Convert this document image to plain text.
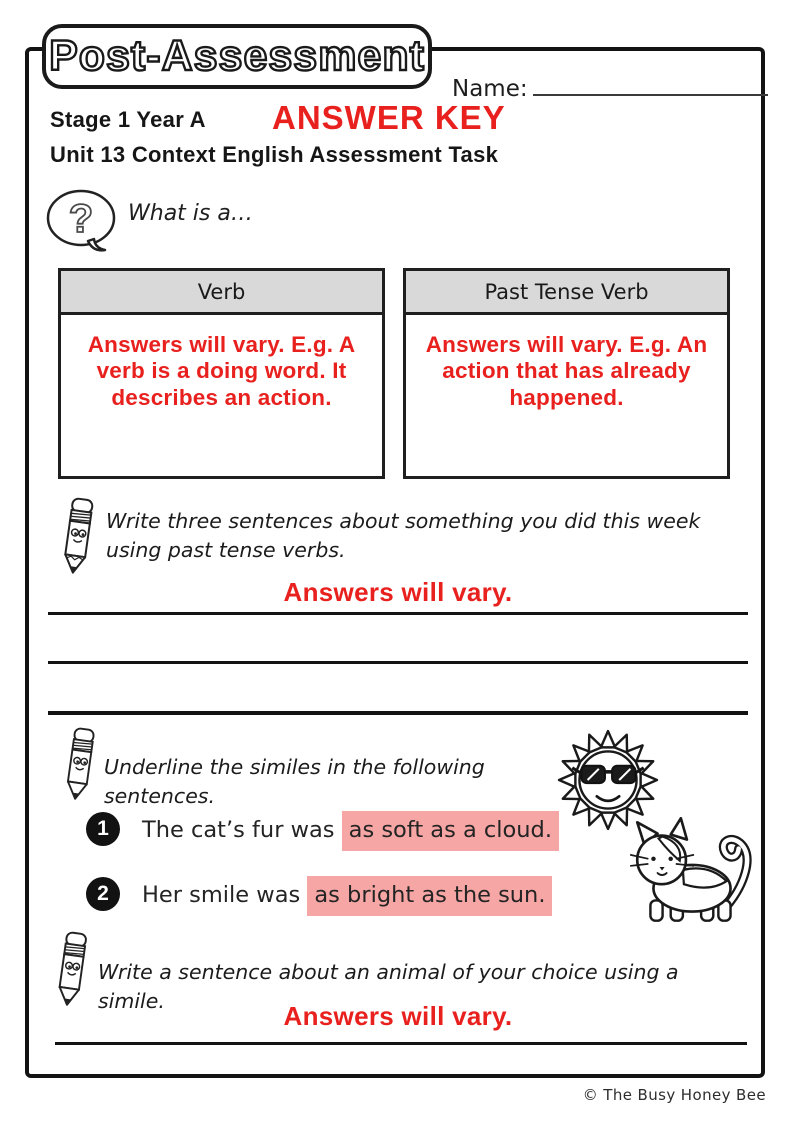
Post-Assessment
Name:
Stage 1 Year A ANSWER KEY
Unit 13 Context English Assessment Task
? What is a…
Verb
Answers will vary. E.g. A verb is a doing word. It describes an action.
Past Tense Verb
Answers will vary. E.g. An action that has already happened.
Write three sentences about something you did this week using past tense verbs.
Answers will vary.
Underline the similes in the following sentences.
1 The cat’s fur was as soft as a cloud.
2 Her smile was as bright as the sun.
Write a sentence about an animal of your choice using a simile.
Answers will vary.
© The Busy Honey Bee
